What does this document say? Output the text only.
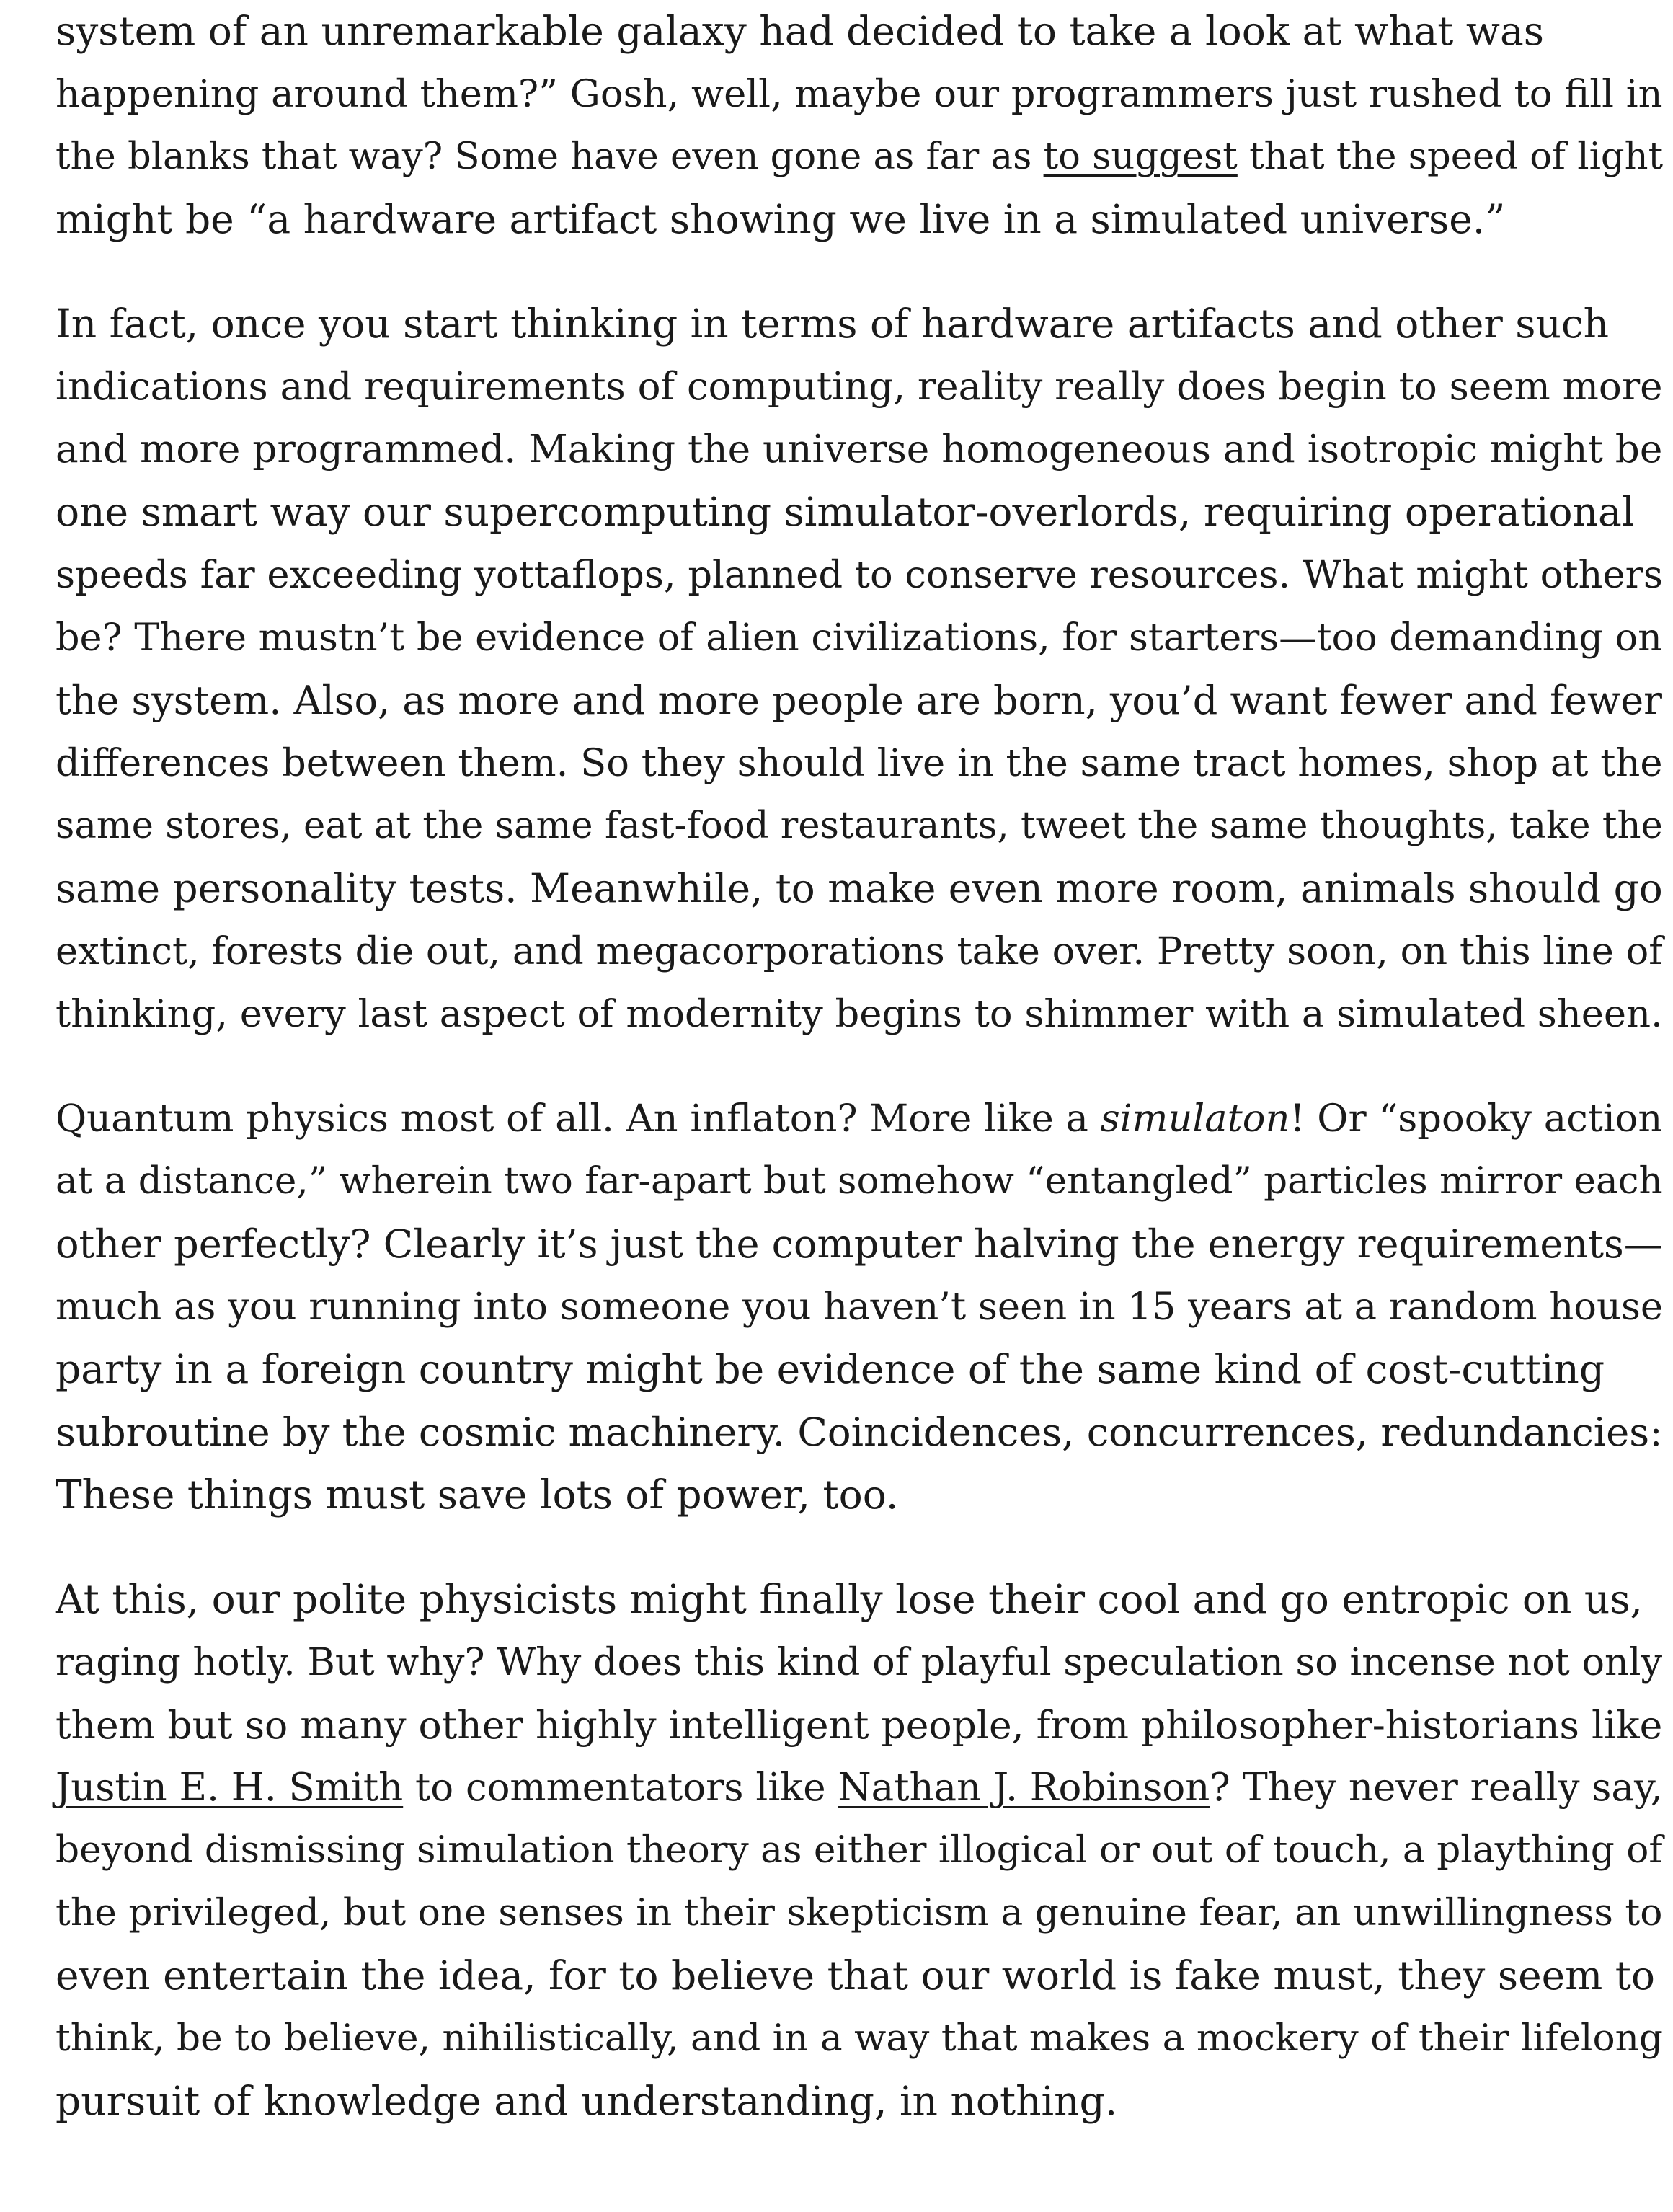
system of an unremarkable galaxy had decided to take a look at what was
happening around them?” Gosh, well, maybe our programmers just rushed to fill in
the blanks that way? Some have even gone as far as to suggest that the speed of light
might be “a hardware artifact showing we live in a simulated universe.”

In fact, once you start thinking in terms of hardware artifacts and other such
indications and requirements of computing, reality really does begin to seem more
and more programmed. Making the universe homogeneous and isotropic might be
one smart way our supercomputing simulator-overlords, requiring operational
speeds far exceeding yottaflops, planned to conserve resources. What might others
be? There mustn’t be evidence of alien civilizations, for starters—too demanding on
the system. Also, as more and more people are born, you’d want fewer and fewer
differences between them. So they should live in the same tract homes, shop at the
same stores, eat at the same fast-food restaurants, tweet the same thoughts, take the
same personality tests. Meanwhile, to make even more room, animals should go
extinct, forests die out, and megacorporations take over. Pretty soon, on this line of
thinking, every last aspect of modernity begins to shimmer with a simulated sheen.

Quantum physics most of all. An inflaton? More like a simulaton! Or “spooky action
at a distance,” wherein two far-apart but somehow “entangled” particles mirror each
other perfectly? Clearly it’s just the computer halving the energy requirements—
much as you running into someone you haven’t seen in 15 years at a random house
party in a foreign country might be evidence of the same kind of cost-cutting
subroutine by the cosmic machinery. Coincidences, concurrences, redundancies:
These things must save lots of power, too.

At this, our polite physicists might finally lose their cool and go entropic on us,
raging hotly. But why? Why does this kind of playful speculation so incense not only
them but so many other highly intelligent people, from philosopher-historians like
Justin E. H. Smith to commentators like Nathan J. Robinson? They never really say,
beyond dismissing simulation theory as either illogical or out of touch, a plaything of
the privileged, but one senses in their skepticism a genuine fear, an unwillingness to
even entertain the idea, for to believe that our world is fake must, they seem to
think, be to believe, nihilistically, and in a way that makes a mockery of their lifelong
pursuit of knowledge and understanding, in nothing.
